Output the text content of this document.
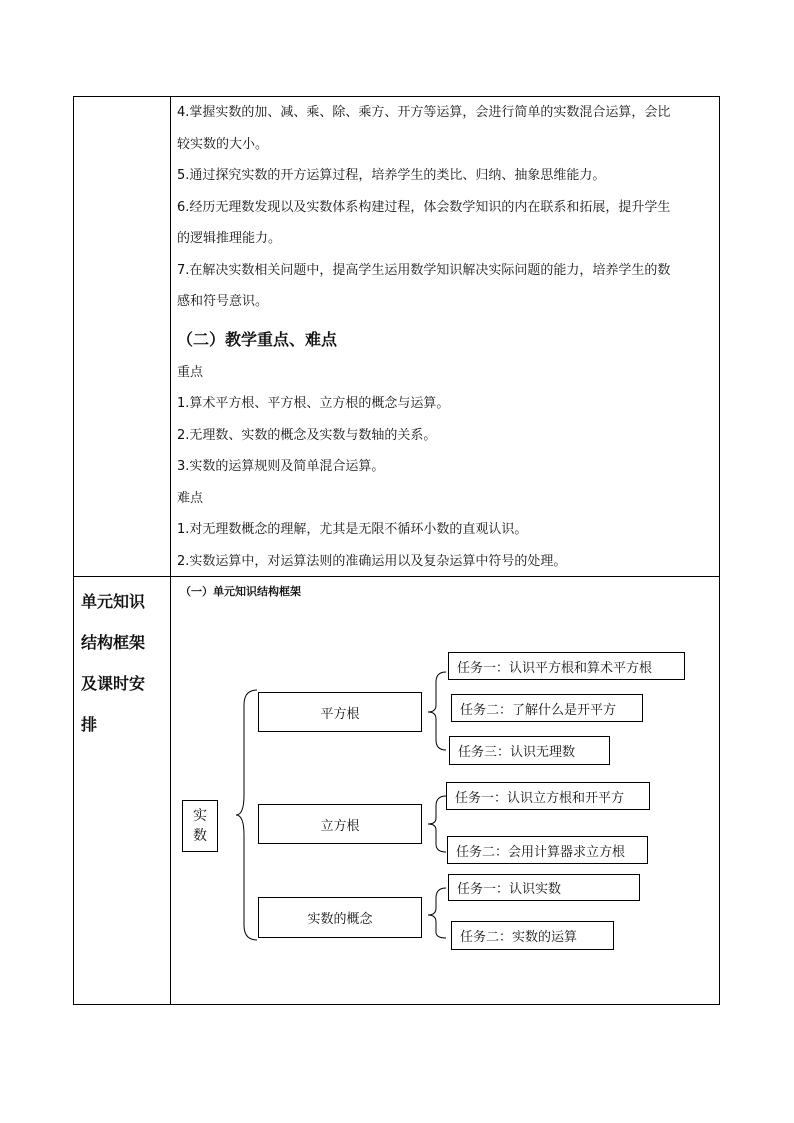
4.掌握实数的加、减、乘、除、乘方、开方等运算，会进行简单的实数混合运算，会比
较实数的大小。
5.通过探究实数的开方运算过程，培养学生的类比、归纳、抽象思维能力。
6.经历无理数发现以及实数体系构建过程，体会数学知识的内在联系和拓展，提升学生
的逻辑推理能力。
7.在解决实数相关问题中，提高学生运用数学知识解决实际问题的能力，培养学生的数
感和符号意识。
（二）教学重点、难点
重点
1.算术平方根、平方根、立方根的概念与运算。
2.无理数、实数的概念及实数与数轴的关系。
3.实数的运算规则及简单混合运算。
难点
1.对无理数概念的理解，尤其是无限不循环小数的直观认识。
2.实数运算中，对运算法则的准确运用以及复杂运算中符号的处理。
单元知识
结构框架
及课时安
排
（一）单元知识结构框架
实
数
平方根
立方根
实数的概念
任务一：认识平方根和算术平方根
任务二：了解什么是开平方
任务三：认识无理数
任务一：认识立方根和开平方
任务二：会用计算器求立方根
任务一：认识实数
任务二：实数的运算
